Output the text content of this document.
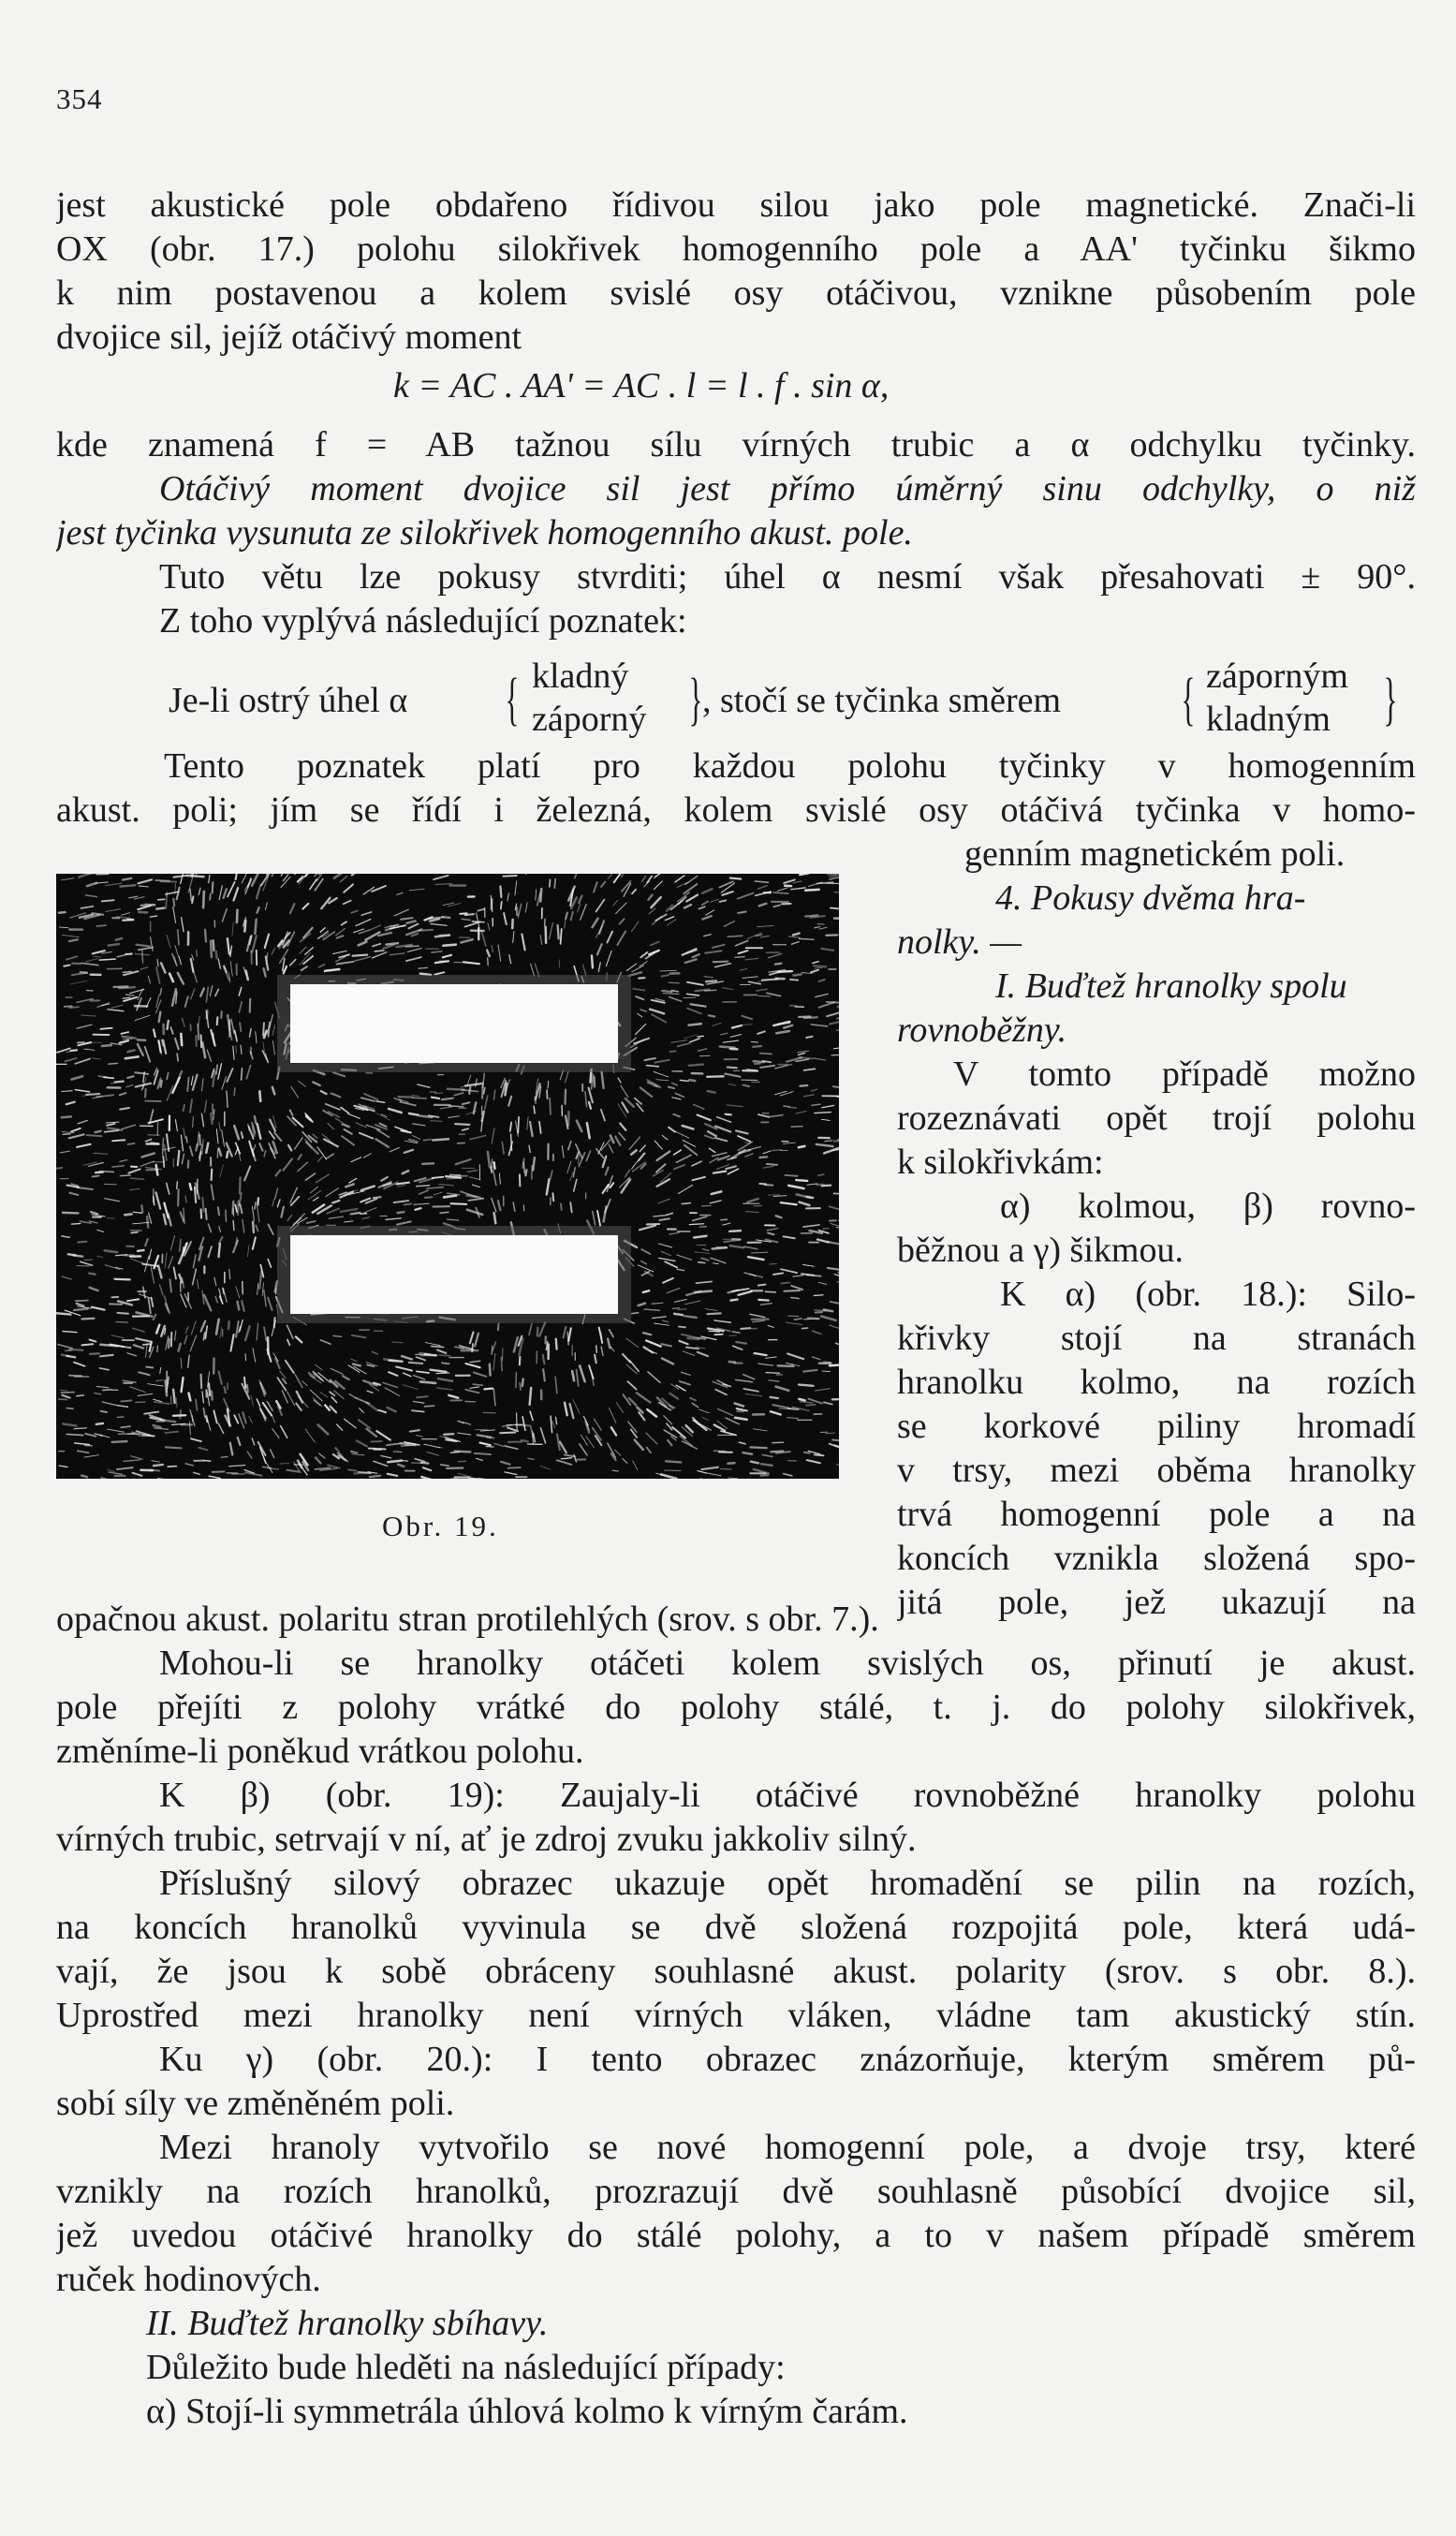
354
jest akustické pole obdařeno řídivou silou jako pole magnetické. Znači-li
OX (obr. 17.) polohu silokřivek homogenního pole a AA' tyčinku šikmo
k nim postavenou a kolem svislé osy otáčivou, vznikne působením pole
dvojice sil, jejíž otáčivý moment
k = AC . AA' = AC . l = l . f . sin α,
kde znamená f = AB tažnou sílu vírných trubic a α odchylku tyčinky.
Otáčivý moment dvojice sil jest přímo úměrný sinu odchylky, o niž
jest tyčinka vysunuta ze silokřivek homogenního akust. pole.
Tuto větu lze pokusy stvrditi; úhel α nesmí však přesahovati ± 90°.
Z toho vyplývá následující poznatek:
Je-li ostrý úhel α { kladný
záporný } , stočí se tyčinka směrem { záporným
kladným }
Tento poznatek platí pro každou polohu tyčinky v homogenním
akust. poli; jím se řídí i železná, kolem svislé osy otáčivá tyčinka v homo-
genním magnetickém poli.
Obr. 19.
4. Pokusy dvěma hra-
nolky. —
I. Buďtež hranolky spolu
rovnoběžny.
V tomto případě možno
rozeznávati opět trojí polohu
k silokřivkám:
α) kolmou, β) rovno-
běžnou a γ) šikmou.
K α) (obr. 18.): Silo-
křivky stojí na stranách
hranolku kolmo, na rozích
se korkové piliny hromadí
v trsy, mezi oběma hranolky
trvá homogenní pole a na
koncích vznikla složená spo-
jitá pole, jež ukazují na
opačnou akust. polaritu stran protilehlých (srov. s obr. 7.).
Mohou-li se hranolky otáčeti kolem svislých os, přinutí je akust.
pole přejíti z polohy vrátké do polohy stálé, t. j. do polohy silokřivek,
změníme-li poněkud vrátkou polohu.
K β) (obr. 19): Zaujaly-li otáčivé rovnoběžné hranolky polohu
vírných trubic, setrvají v ní, ať je zdroj zvuku jakkoliv silný.
Příslušný silový obrazec ukazuje opět hromadění se pilin na rozích,
na koncích hranolků vyvinula se dvě složená rozpojitá pole, která udá-
vají, že jsou k sobě obráceny souhlasné akust. polarity (srov. s obr. 8.).
Uprostřed mezi hranolky není vírných vláken, vládne tam akustický stín.
Ku γ) (obr. 20.): I tento obrazec znázorňuje, kterým směrem pů-
sobí síly ve změněném poli.
Mezi hranoly vytvořilo se nové homogenní pole, a dvoje trsy, které
vznikly na rozích hranolků, prozrazují dvě souhlasně působící dvojice sil,
jež uvedou otáčivé hranolky do stálé polohy, a to v našem případě směrem
ruček hodinových.
II. Buďtež hranolky sbíhavy.
Důležito bude hleděti na následující případy:
α) Stojí-li symmetrála úhlová kolmo k vírným čarám.
